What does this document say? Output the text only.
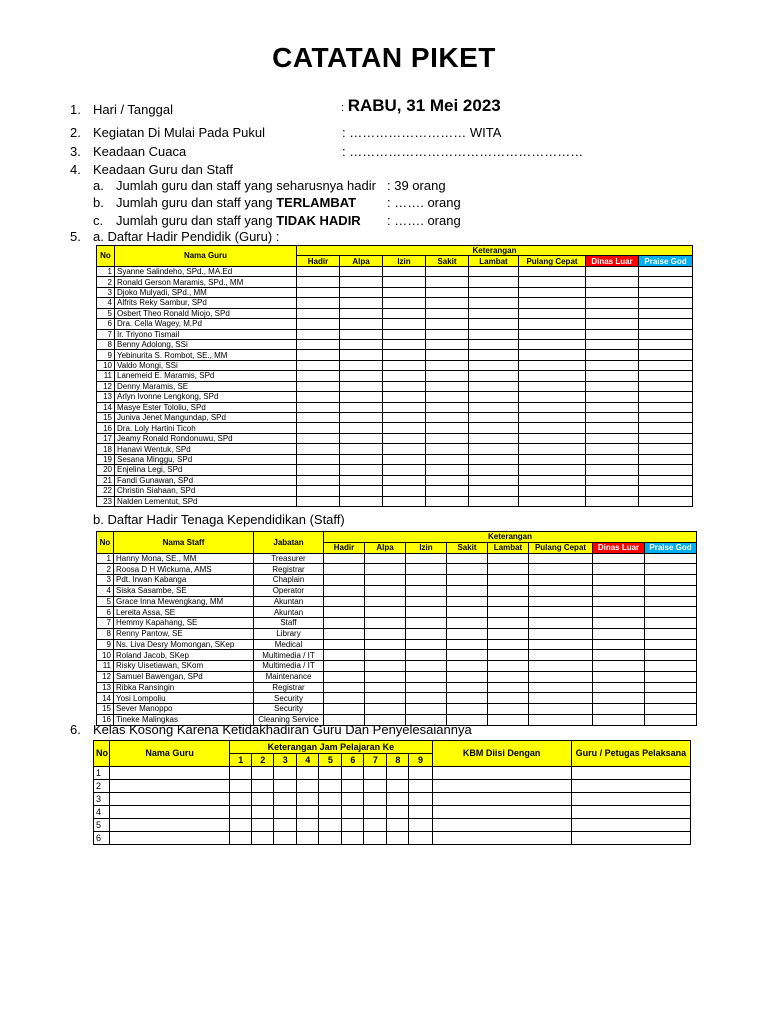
CATATAN PIKET
1. Hari / Tanggal	: RABU, 31 Mei 2023
2. Kegiatan Di Mulai Pada Pukul	: ……………………… WITA
3. Keadaan Cuaca	: ………………………………………………
4. Keadaan Guru dan Staff
a. Jumlah guru dan staff yang seharusnya hadir : 39 orang
b. Jumlah guru dan staff yang TERLAMBAT : ……. orang
c. Jumlah guru dan staff yang TIDAK HADIR : ……. orang
5. a. Daftar Hadir Pendidik (Guru) :
No	Nama Guru	Keterangan							
		Hadir	Alpa	Izin	Sakit	Lambat	Pulang Cepat	Dinas Luar	Praise God
1	Syanne Salindeho, SPd., MA.Ed								
2	Ronald Gerson Maramis, SPd., MM								
3	Djoko Mulyadi, SPd., MM								
4	Alfrits Reky Sambur, SPd								
5	Osbert Theo Ronald Miojo, SPd								
6	Dra. Cella Wagey, M.Pd								
7	Ir. Triyono Tismail								
8	Benny Adolong, SSi								
9	Yebinurita S. Rombot, SE., MM								
10	Valdo Mongi, SSi								
11	Lanemeid E. Maramis, SPd								
12	Denny Maramis, SE								
13	Arlyn Ivonne Lengkong, SPd								
14	Masye Ester Tololiu, SPd								
15	Juniva Jenet Mangundap, SPd								
16	Dra. Loly Hartini Ticoh								
17	Jeamy Ronald Rondonuwu, SPd								
18	Hanavi Wentuk, SPd								
19	Sesana Minggu, SPd								
20	Enjelina Legi, SPd								
21	Fandi Gunawan, SPd								
22	Christin Siahaan, SPd								
23	Nalden Lementut, SPd								
b. Daftar Hadir Tenaga Kependidikan (Staff)
No	Nama Staff	Jabatan	Keterangan							
			Hadir	Alpa	Izin	Sakit	Lambat	Pulang Cepat	Dinas Luar	Praise God
1	Hanny Mona, SE., MM	Treasurer								
2	Roosa D H Wickuma, AMS	Registrar								
3	Pdt. Irwan Kabanga	Chaplain								
4	Siska Sasambe, SE	Operator								
5	Grace Inna Mewengkang, MM	Akuntan								
6	Lereita Assa, SE	Akuntan								
7	Hemmy Kapahang, SE	Staff								
8	Renny Pantow, SE	Library								
9	Ns. Liva Desry Momongan, SKep	Medical								
10	Roland Jacob, SKep	Multimedia / IT								
11	Risky Uisetiawan, SKom	Multimedia / IT								
12	Samuel Bawengan, SPd	Maintenance								
13	Ribka Ransingin	Registrar								
14	Yosi Lompoliu	Security								
15	Sever Manoppo	Security								
16	Tineke Malingkas	Cleaning Service								
6. Kelas Kosong Karena Ketidakhadiran Guru Dan Penyelesaiannya
No	Nama Guru	Keterangan Jam Pelajaran Ke									KBM Diisi Dengan	Guru / Petugas Pelaksana
		1	2	3	4	5	6	7	8	9		
1												
2												
3												
4												
5												
6												
